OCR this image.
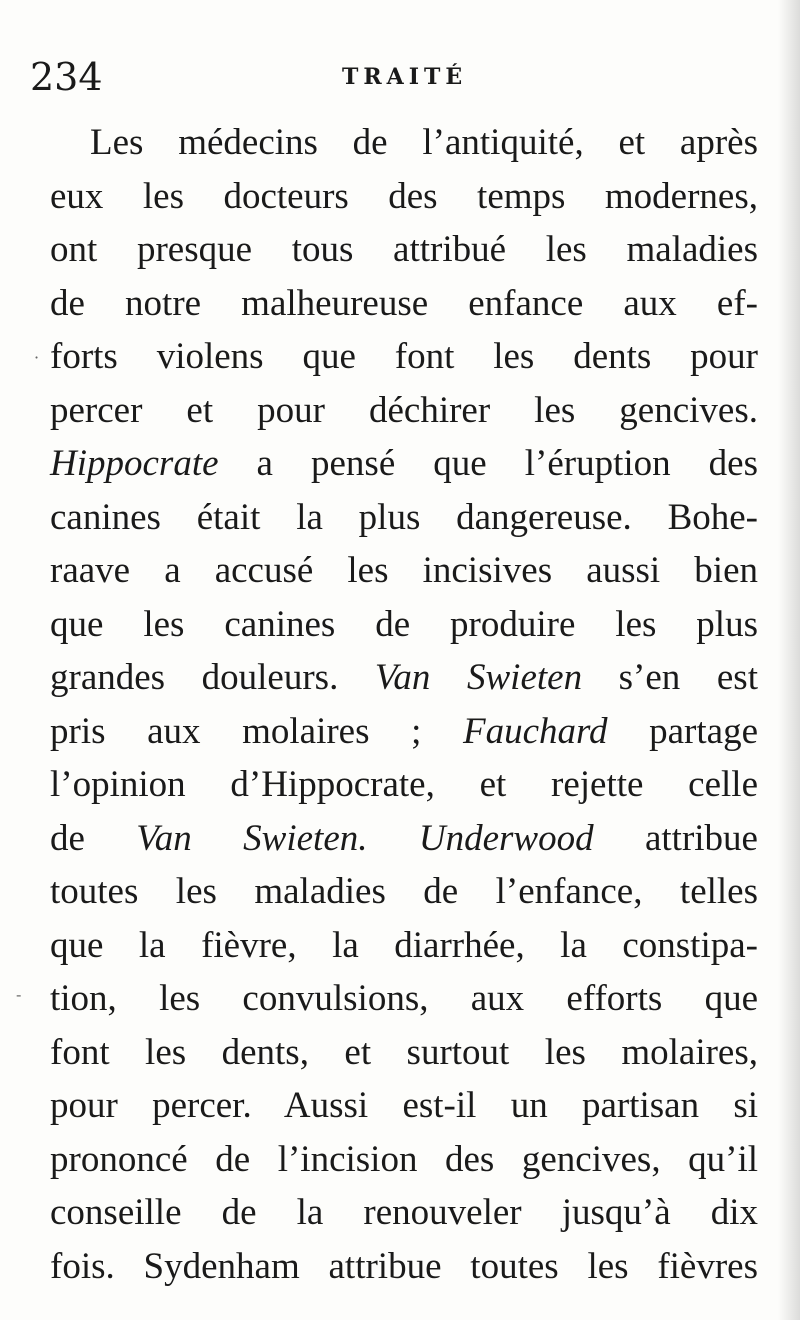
234	TRAITÉ
Les médecins de l’antiquité, et après
eux les docteurs des temps modernes,
ont presque tous attribué les maladies
de notre malheureuse enfance aux ef-
forts violens que font les dents pour
percer et pour déchirer les gencives.
Hippocrate a pensé que l’éruption des
canines était la plus dangereuse. Bohe-
raave a accusé les incisives aussi bien
que les canines de produire les plus
grandes douleurs. Van Swieten s’en est
pris aux molaires ; Fauchard partage
l’opinion d’Hippocrate, et rejette celle
de Van Swieten. Underwood attribue
toutes les maladies de l’enfance, telles
que la fièvre, la diarrhée, la constipa-
tion, les convulsions, aux efforts que
font les dents, et surtout les molaires,
pour percer. Aussi est-il un partisan si
prononcé de l’incision des gencives, qu’il
conseille de la renouveler jusqu’à dix
fois. Sydenham attribue toutes les fièvres
·
-
